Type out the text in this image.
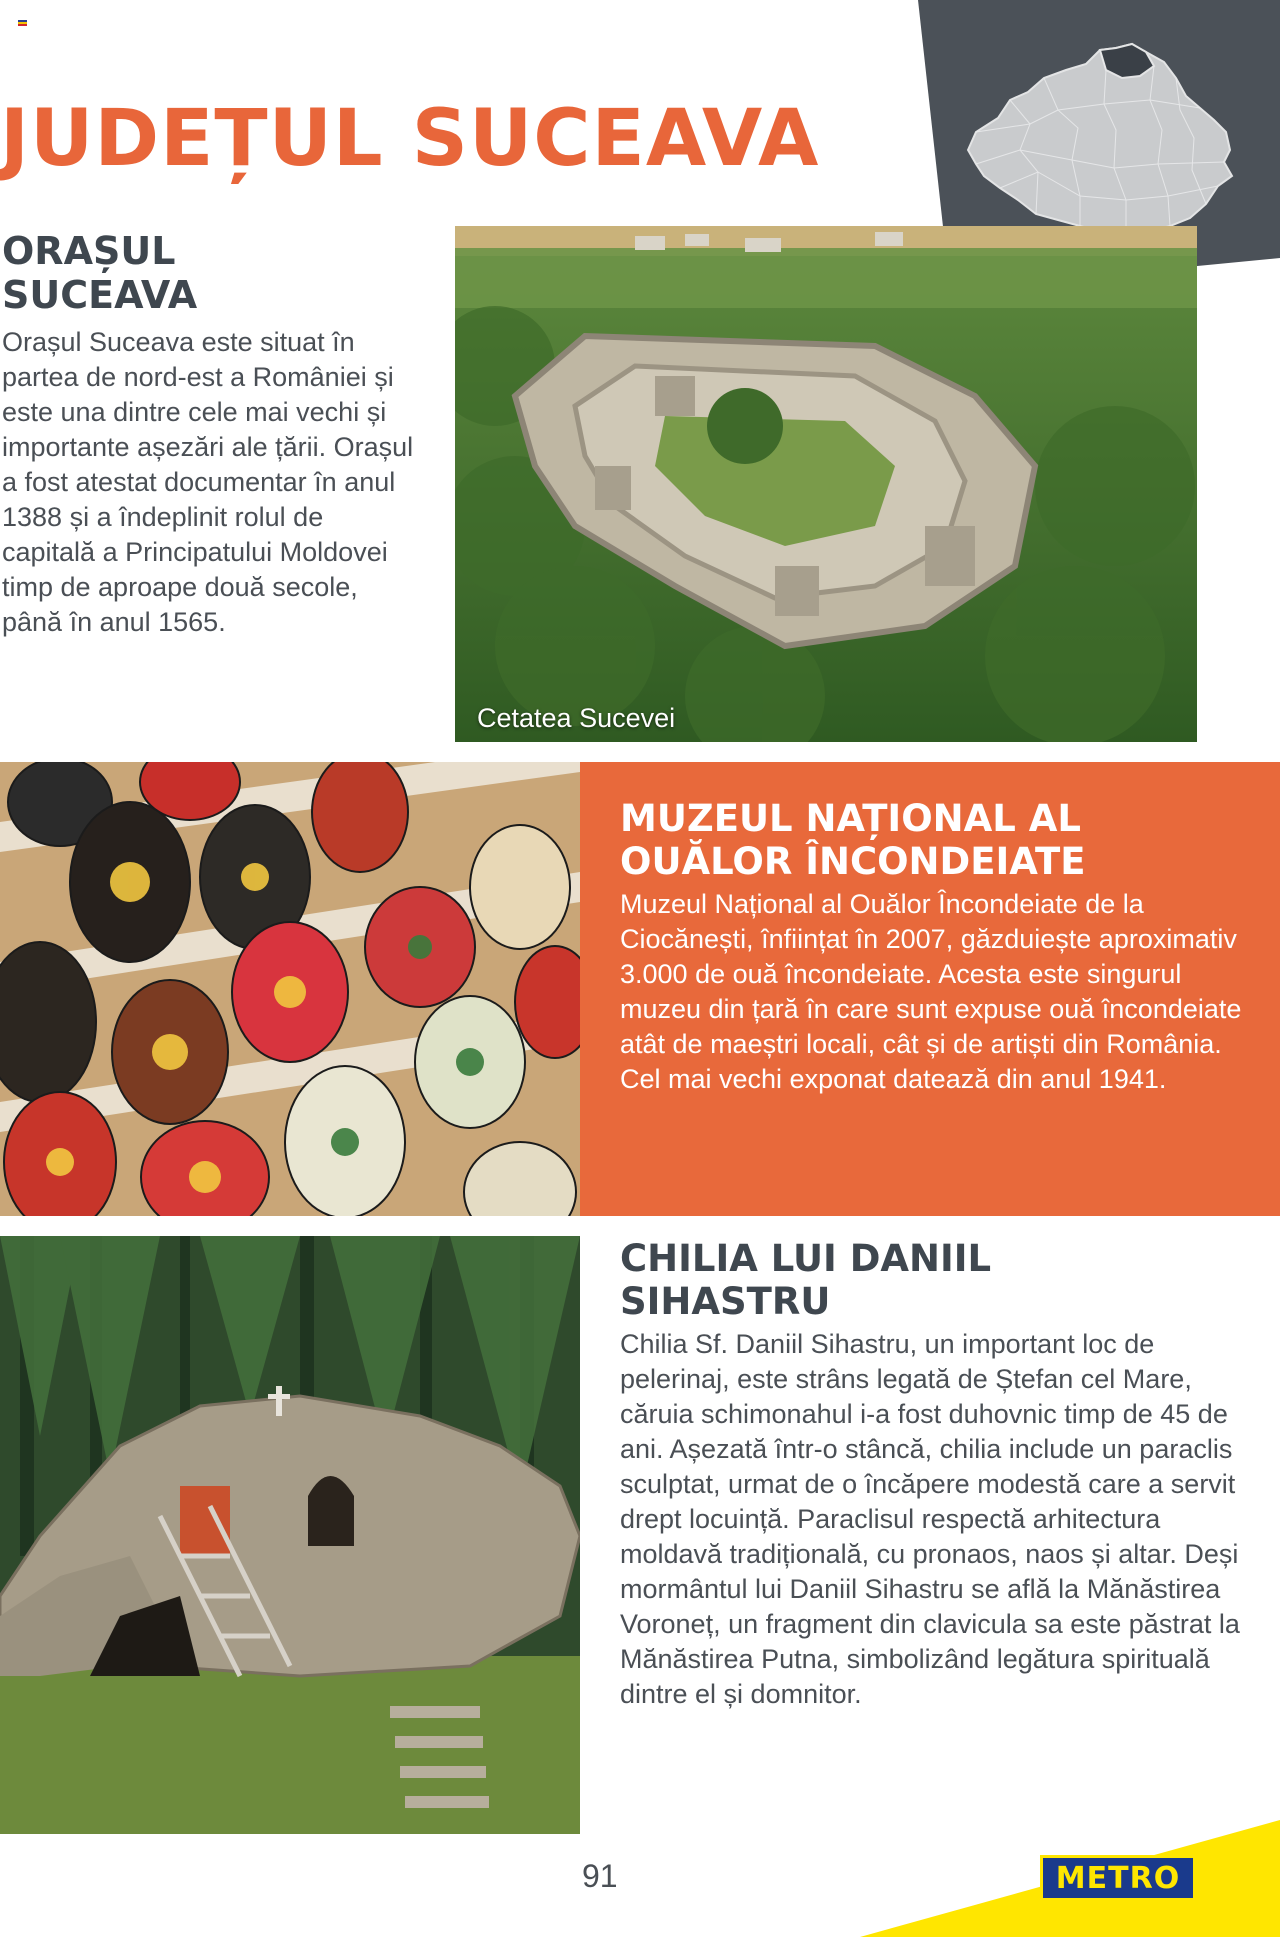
JUDEȚUL SUCEAVA
ORAȘUL
SUCEAVA

Orașul Suceava este situat în partea de nord-est a României și este una dintre cele mai vechi și importante așezări ale țării. Orașul a fost atestat documentar în anul 1388 și a îndeplinit rolul de capitală a Principatului Moldovei timp de aproape două secole, până în anul 1565.

Cetatea Sucevei
MUZEUL NAȚIONAL AL
OUĂLOR ÎNCONDEIATE

Muzeul Național al Ouălor Încondeiate de la Ciocănești, înființat în 2007, găzduiește aproximativ 3.000 de ouă încondeiate. Acesta este singurul muzeu din țară în care sunt expuse ouă încondeiate atât de maeștri locali, cât și de artiști din România. Cel mai vechi exponat datează din anul 1941.

CHILIA LUI DANIIL
SIHASTRU

Chilia Sf. Daniil Sihastru, un important loc de pelerinaj, este strâns legată de Ștefan cel Mare, căruia schimonahul i-a fost duhovnic timp de 45 de ani. Așezată într-o stâncă, chilia include un paraclis sculptat, urmat de o încăpere modestă care a servit drept locuință. Paraclisul respectă arhitectura moldavă tradițională, cu pronaos, naos și altar. Deși mormântul lui Daniil Sihastru se află la Mănăstirea Voroneț, un fragment din clavicula sa este păstrat la Mănăstirea Putna, simbolizând legătura spirituală dintre el și domnitor.

91	METRO
